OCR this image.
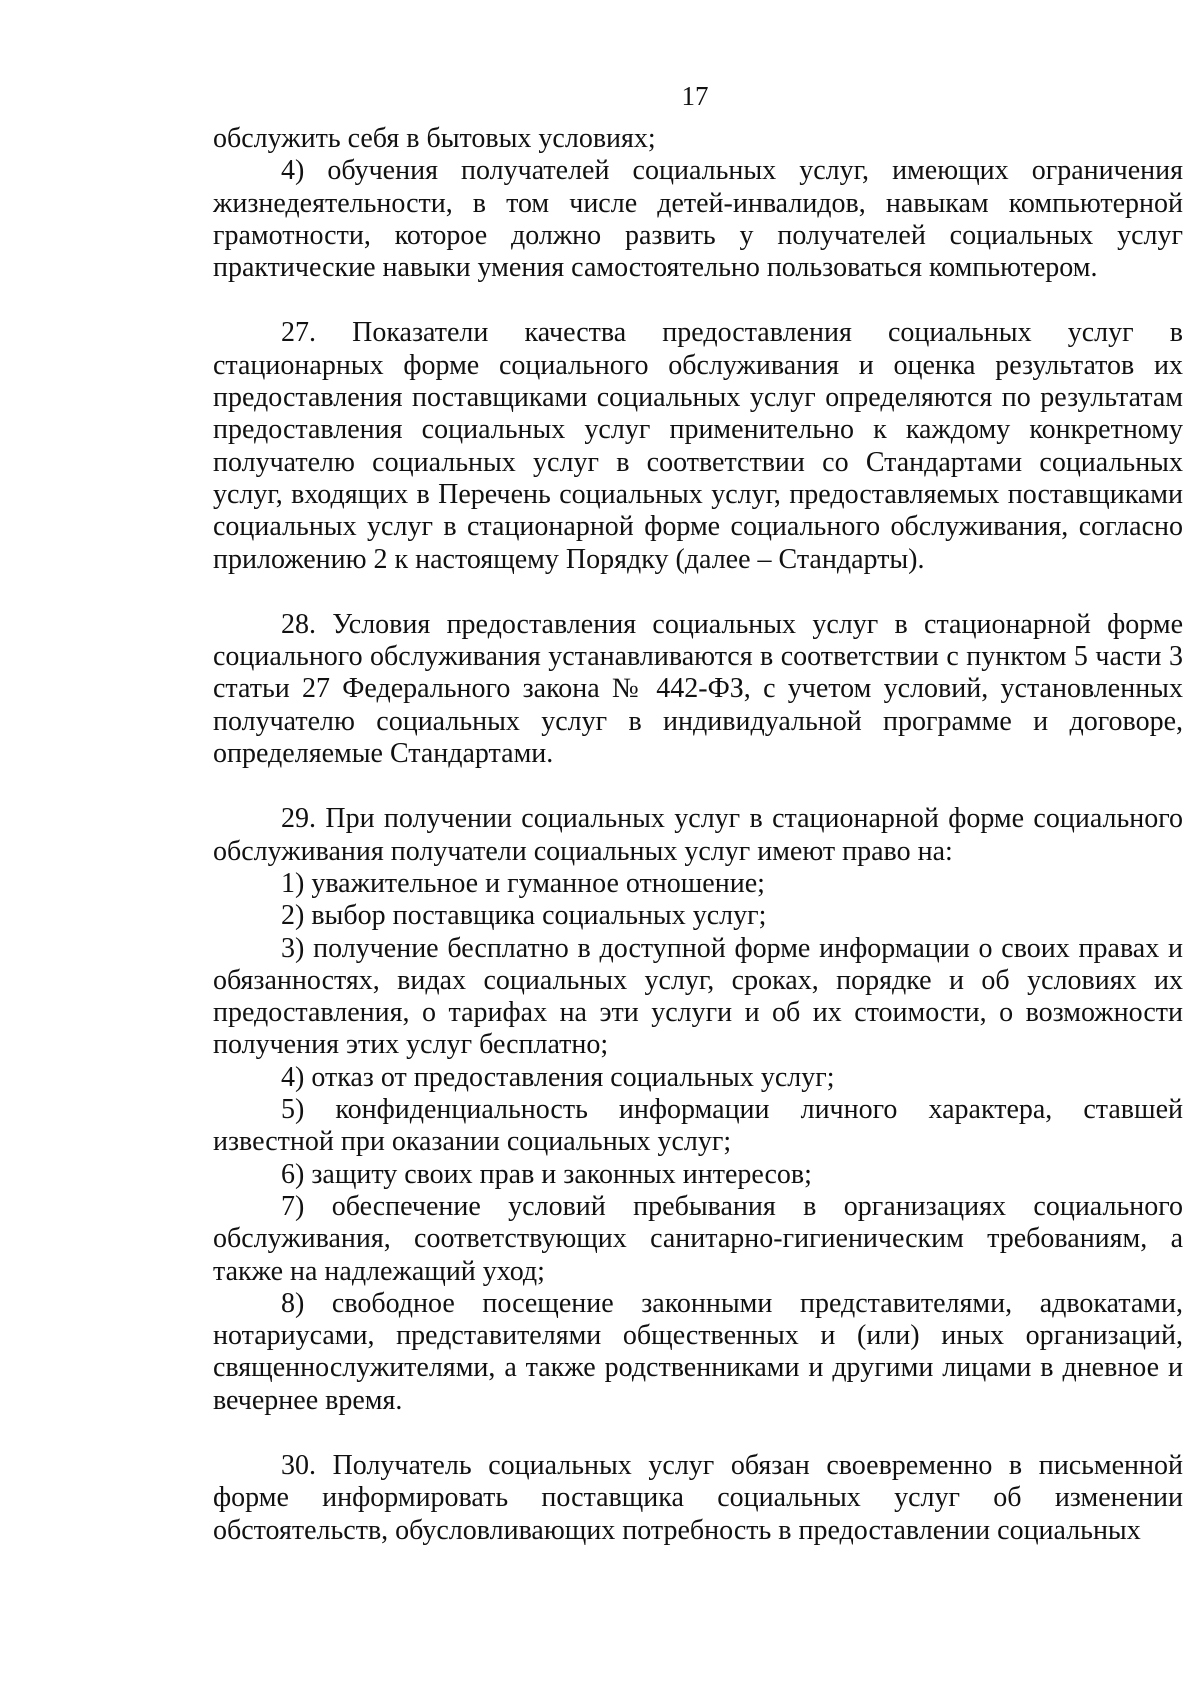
17

обслужить себя в бытовых условиях;

4) обучения получателей социальных услуг, имеющих ограничения жизнедеятельности, в том числе детей-инвалидов, навыкам компьютерной грамотности, которое должно развить у получателей социальных услуг практические навыки умения самостоятельно пользоваться компьютером.

27. Показатели качества предоставления социальных услуг в стационарных форме социального обслуживания и оценка результатов их предоставления поставщиками социальных услуг определяются по результатам предоставления социальных услуг применительно к каждому конкретному получателю социальных услуг в соответствии со Стандартами социальных услуг, входящих в Перечень социальных услуг, предоставляемых поставщиками социальных услуг в стационарной форме социального обслуживания, согласно приложению 2 к настоящему Порядку (далее – Стандарты).

28. Условия предоставления социальных услуг в стационарной форме социального обслуживания устанавливаются в соответствии с пунктом 5 части 3 статьи 27 Федерального закона № 442-ФЗ, с учетом условий, установленных получателю социальных услуг в индивидуальной программе и договоре, определяемые Стандартами.

29. При получении социальных услуг в стационарной форме социального обслуживания получатели социальных услуг имеют право на:

1) уважительное и гуманное отношение;

2) выбор поставщика социальных услуг;

3) получение бесплатно в доступной форме информации о своих правах и обязанностях, видах социальных услуг, сроках, порядке и об условиях их предоставления, о тарифах на эти услуги и об их стоимости, о возможности получения этих услуг бесплатно;

4) отказ от предоставления социальных услуг;

5) конфиденциальность информации личного характера, ставшей известной при оказании социальных услуг;

6) защиту своих прав и законных интересов;

7) обеспечение условий пребывания в организациях социального обслуживания, соответствующих санитарно-гигиеническим требованиям, а также на надлежащий уход;

8) свободное посещение законными представителями, адвокатами, нотариусами, представителями общественных и (или) иных организаций, священнослужителями, а также родственниками и другими лицами в дневное и вечернее время.

30. Получатель социальных услуг обязан своевременно в письменной форме информировать поставщика социальных услуг об изменении обстоятельств, обусловливающих потребность в предоставлении социальных
